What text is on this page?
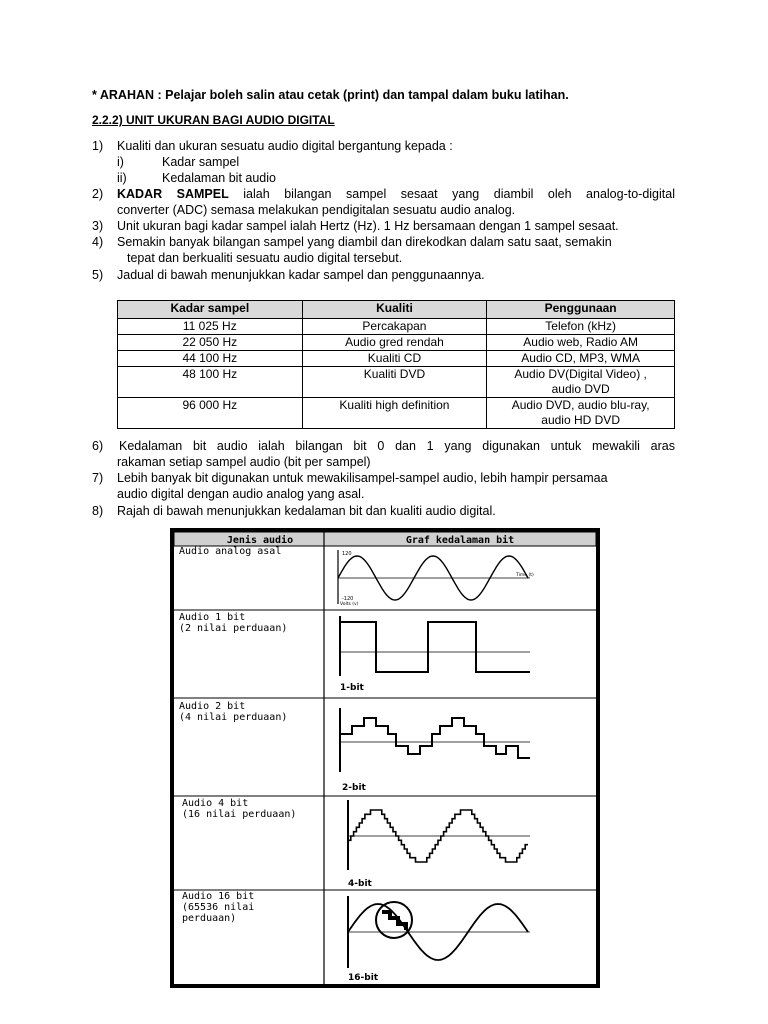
* ARAHAN : Pelajar boleh salin atau cetak (print) dan tampal dalam buku latihan.
2.2.2) UNIT UKURAN BAGI AUDIO DIGITAL
1) Kualiti dan ukuran sesuatu audio digital bergantung kepada :
i)	Kadar sampel
ii)	Kedalaman bit audio
2) KADAR SAMPEL ialah bilangan sampel sesaat yang diambil oleh analog-to-digital
converter (ADC) semasa melakukan pendigitalan sesuatu audio analog.
3) Unit ukuran bagi kadar sampel ialah Hertz (Hz). 1 Hz bersamaan dengan 1 sampel sesaat.
4) Semakin banyak bilangan sampel yang diambil dan direkodkan dalam satu saat, semakin
tepat dan berkualiti sesuatu audio digital tersebut.
5) Jadual di bawah menunjukkan kadar sampel dan penggunaannya.
Kadar sampel	Kualiti	Penggunaan
11 025 Hz	Percakapan	Telefon (kHz)
22 050 Hz	Audio gred rendah	Audio web, Radio AM
44 100 Hz	Kualiti CD	Audio CD, MP3, WMA
48 100 Hz	Kualiti DVD	Audio DV(Digital Video) ,
audio DVD
96 000 Hz	Kualiti high definition	Audio DVD, audio blu-ray,
audio HD DVD
6) Kedalaman bit audio ialah bilangan bit 0 dan 1 yang digunakan untuk mewakili aras
rakaman setiap sampel audio (bit per sampel)
7) Lebih banyak bit digunakan untuk mewakilisampel-sampel audio, lebih hampir persamaa
audio digital dengan audio analog yang asal.
8) Rajah di bawah menunjukkan kedalaman bit dan kualiti audio digital.
Jenis audio	Graf kedalaman bit
Audio analog asal
Audio 1 bit
(2 nilai perduaan)
Audio 2 bit
(4 nilai perduaan)
Audio 4 bit
(16 nilai perduaan)
Audio 16 bit
(65536 nilai
perduaan)
120
-120
Volts (v)
Time (t)
1-bit
2-bit
4-bit
16-bit
